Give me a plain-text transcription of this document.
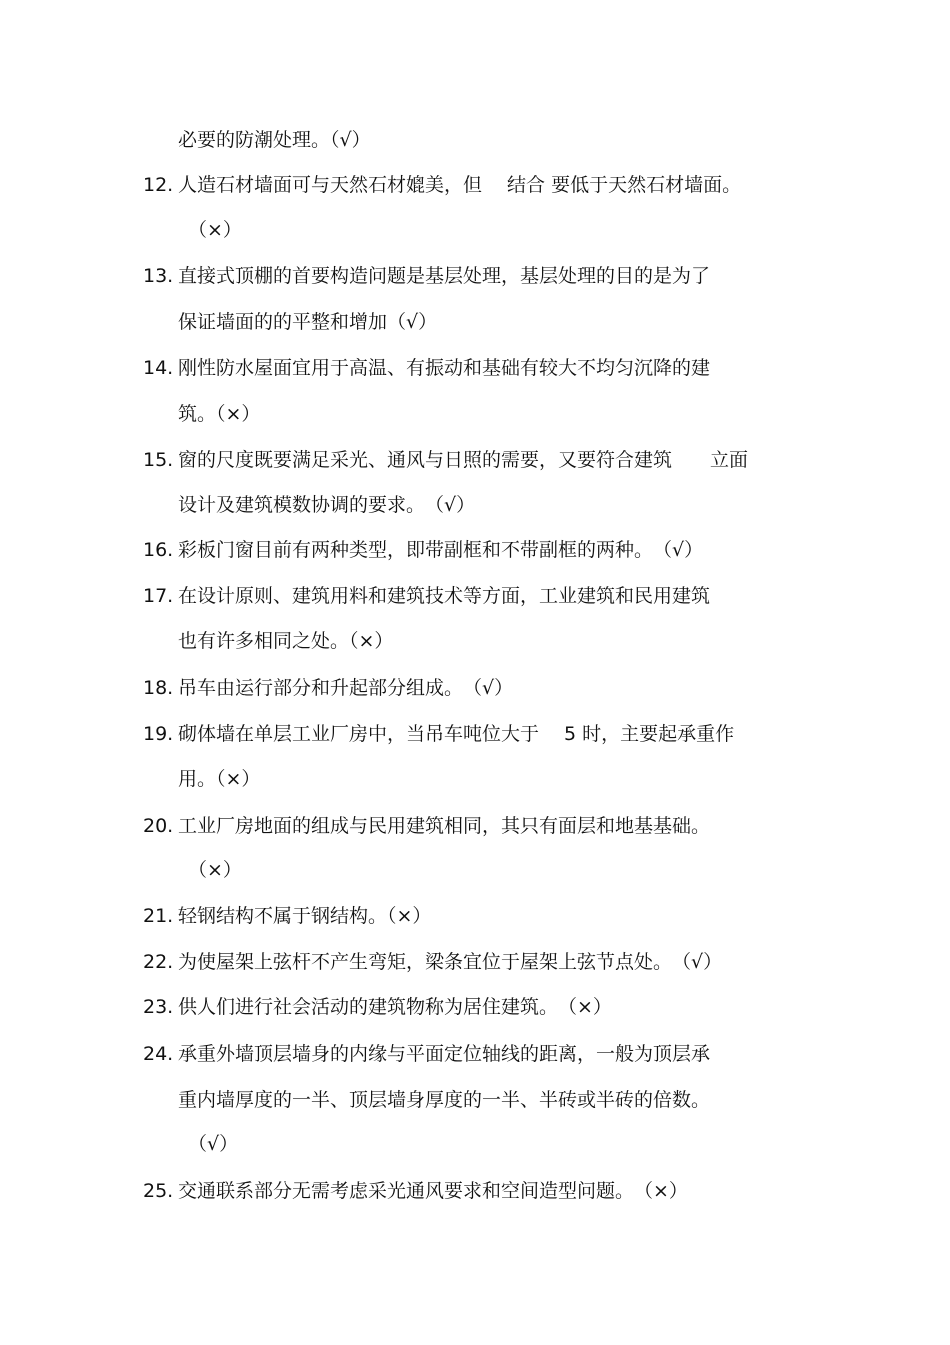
必要的防潮处理。（√）
12. 人造石材墙面可与天然石材媲美，但　 结合 要低于天然石材墙面。
（×）
13. 直接式顶棚的首要构造问题是基层处理，基层处理的目的是为了
保证墙面的的平整和增加（√）
14. 刚性防水屋面宜用于高温、有振动和基础有较大不均匀沉降的建
筑。（×）
15. 窗的尺度既要满足采光、通风与日照的需要，又要符合建筑　　立面
设计及建筑模数协调的要求。　（√）
16. 彩板门窗目前有两种类型，即带副框和不带副框的两种。　（√）
17. 在设计原则、建筑用料和建筑技术等方面，工业建筑和民用建筑
也有许多相同之处。（×）
18. 吊车由运行部分和升起部分组成。　（√）
19. 砌体墙在单层工业厂房中，当吊车吨位大于　 5 时，主要起承重作
用。（×）
20. 工业厂房地面的组成与民用建筑相同，其只有面层和地基基础。
（×）
21. 轻钢结构不属于钢结构。（×）
22. 为使屋架上弦杆不产生弯矩，梁条宜位于屋架上弦节点处。　（√）
23. 供人们进行社会活动的建筑物称为居住建筑。　（×）
24. 承重外墙顶层墙身的内缘与平面定位轴线的距离，一般为顶层承
重内墙厚度的一半、顶层墙身厚度的一半、半砖或半砖的倍数。
（√）
25. 交通联系部分无需考虑采光通风要求和空间造型问题。　（×）
